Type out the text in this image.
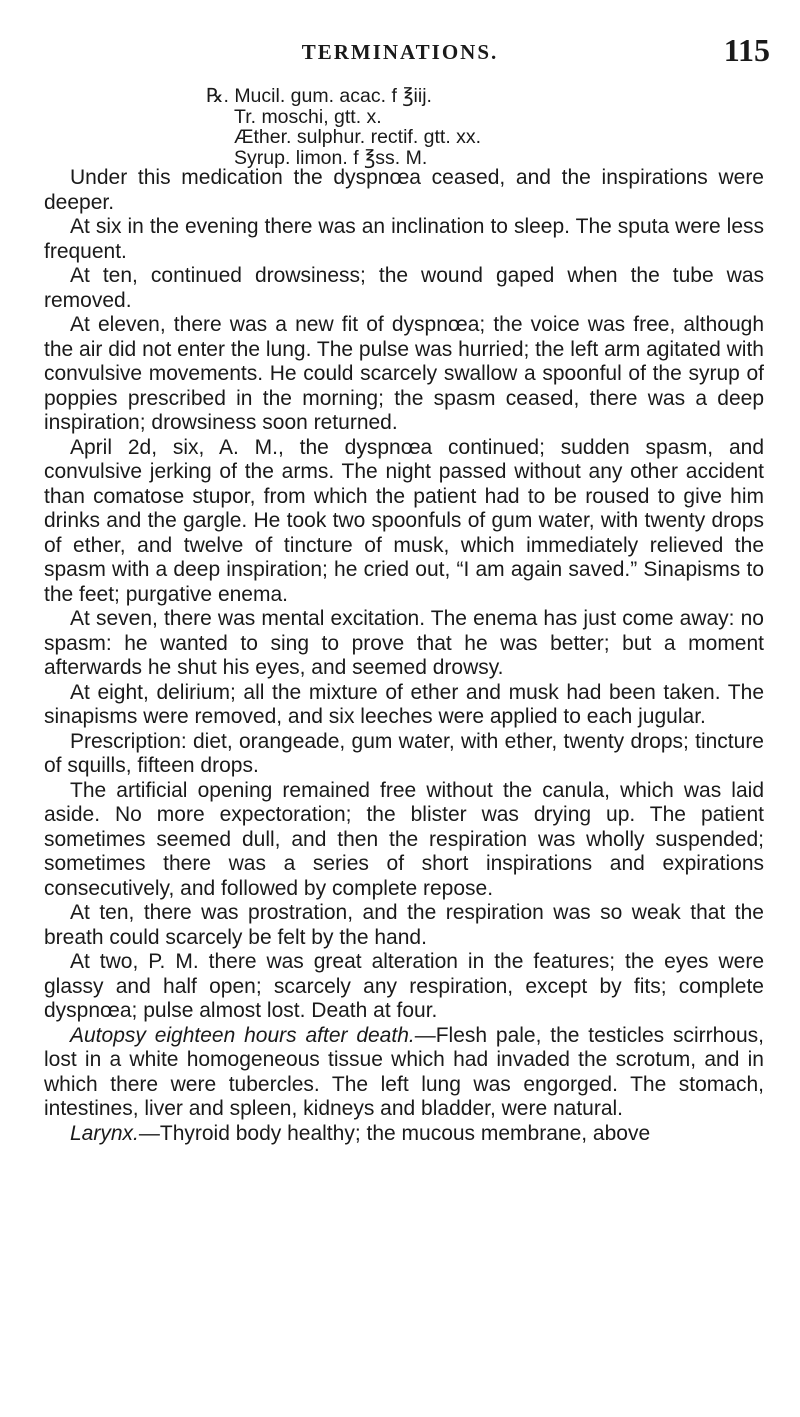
TERMINATIONS.	115
℞. Mucil. gum. acac. f ℥iij.
Tr. moschi, gtt. x.
Æther. sulphur. rectif. gtt. xx.
Syrup. limon. f ℥ss. M.

Under this medication the dyspnœa ceased, and the inspirations were deeper.

At six in the evening there was an inclination to sleep. The sputa were less frequent.

At ten, continued drowsiness; the wound gaped when the tube was removed.

At eleven, there was a new fit of dyspnœa; the voice was free, although the air did not enter the lung. The pulse was hurried; the left arm agitated with convulsive movements. He could scarcely swallow a spoonful of the syrup of poppies prescribed in the morning; the spasm ceased, there was a deep inspiration; drowsiness soon returned.

April 2d, six, A. M., the dyspnœa continued; sudden spasm, and convulsive jerking of the arms. The night passed without any other accident than comatose stupor, from which the patient had to be roused to give him drinks and the gargle. He took two spoonfuls of gum water, with twenty drops of ether, and twelve of tincture of musk, which immediately relieved the spasm with a deep inspiration; he cried out, “I am again saved.” Sinapisms to the feet; purgative enema.

At seven, there was mental excitation. The enema has just come away: no spasm: he wanted to sing to prove that he was better; but a moment afterwards he shut his eyes, and seemed drowsy.

At eight, delirium; all the mixture of ether and musk had been taken. The sinapisms were removed, and six leeches were applied to each jugular.

Prescription: diet, orangeade, gum water, with ether, twenty drops; tincture of squills, fifteen drops.

The artificial opening remained free without the canula, which was laid aside. No more expectoration; the blister was drying up. The patient sometimes seemed dull, and then the respiration was wholly suspended; sometimes there was a series of short inspirations and expirations consecutively, and followed by complete repose.

At ten, there was prostration, and the respiration was so weak that the breath could scarcely be felt by the hand.

At two, P. M. there was great alteration in the features; the eyes were glassy and half open; scarcely any respiration, except by fits; complete dyspnœa; pulse almost lost. Death at four.

Autopsy eighteen hours after death.—Flesh pale, the testicles scirrhous, lost in a white homogeneous tissue which had invaded the scrotum, and in which there were tubercles. The left lung was engorged. The stomach, intestines, liver and spleen, kidneys and bladder, were natural.

Larynx.—Thyroid body healthy; the mucous membrane, above
